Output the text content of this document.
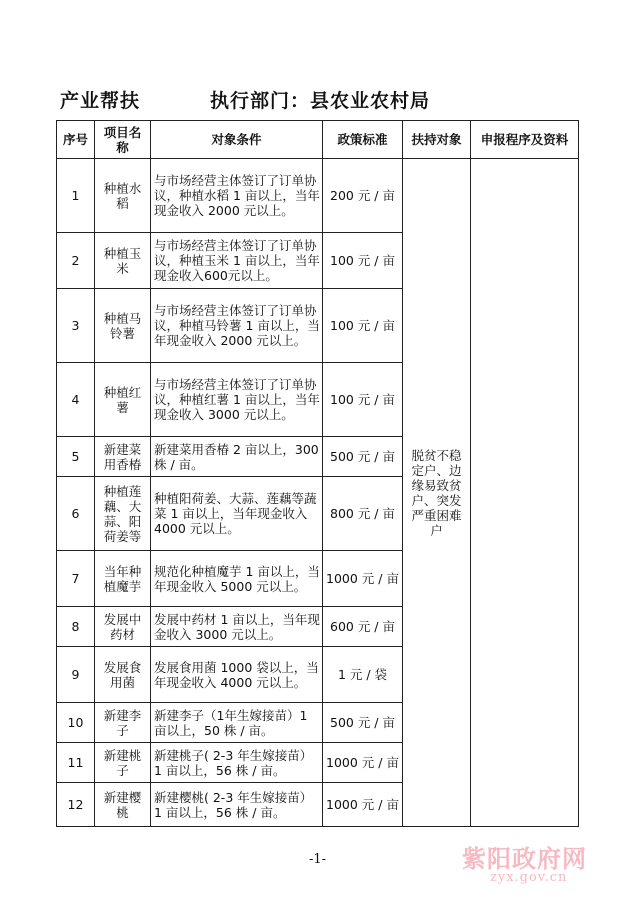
产业帮扶	执行部门：县农业农村局
序号	项目名称	对象条件	政策标准	扶持对象	申报程序及资料
1	种植水稻	与市场经营主体签订了订单协议，种植水稻 1 亩以上，当年现金收入 2000 元以上。	200 元 / 亩	脱贫不稳定户、边缘易致贫户、突发严重困难户	
2	种植玉米	与市场经营主体签订了订单协议，种植玉米 1 亩以上，当年现金收入600元以上。	100 元 / 亩		
3	种植马铃薯	与市场经营主体签订了订单协议，种植马铃薯 1 亩以上，当年现金收入 2000 元以上。	100 元 / 亩		
4	种植红薯	与市场经营主体签订了订单协议，种植红薯 1 亩以上，当年现金收入 3000 元以上。	100 元 / 亩		
5	新建菜用香椿	新建菜用香椿 2 亩以上，300 株 / 亩。	500 元 / 亩		
6	种植莲藕、大蒜、阳荷姜等	种植阳荷姜、大蒜、莲藕等蔬菜 1 亩以上，当年现金收入 4000 元以上。	800 元 / 亩		
7	当年种植魔芋	规范化种植魔芋 1 亩以上，当年现金收入 5000 元以上。	1000 元 / 亩		
8	发展中药材	发展中药材 1 亩以上，当年现金收入 3000 元以上。	600 元 / 亩		
9	发展食用菌	发展食用菌 1000 袋以上，当年现金收入 4000 元以上。	1 元 / 袋		
10	新建李子	新建李子（1年生嫁接苗）1 亩以上，50 株 / 亩。	500 元 / 亩		
11	新建桃子	新建桃子( 2-3 年生嫁接苗）1 亩以上，56 株 / 亩。	1000 元 / 亩		
12	新建樱桃	新建樱桃( 2-3 年生嫁接苗）1 亩以上，56 株 / 亩。	1000 元 / 亩		
-1-	紫阳政府网
zyx.gov.cn
